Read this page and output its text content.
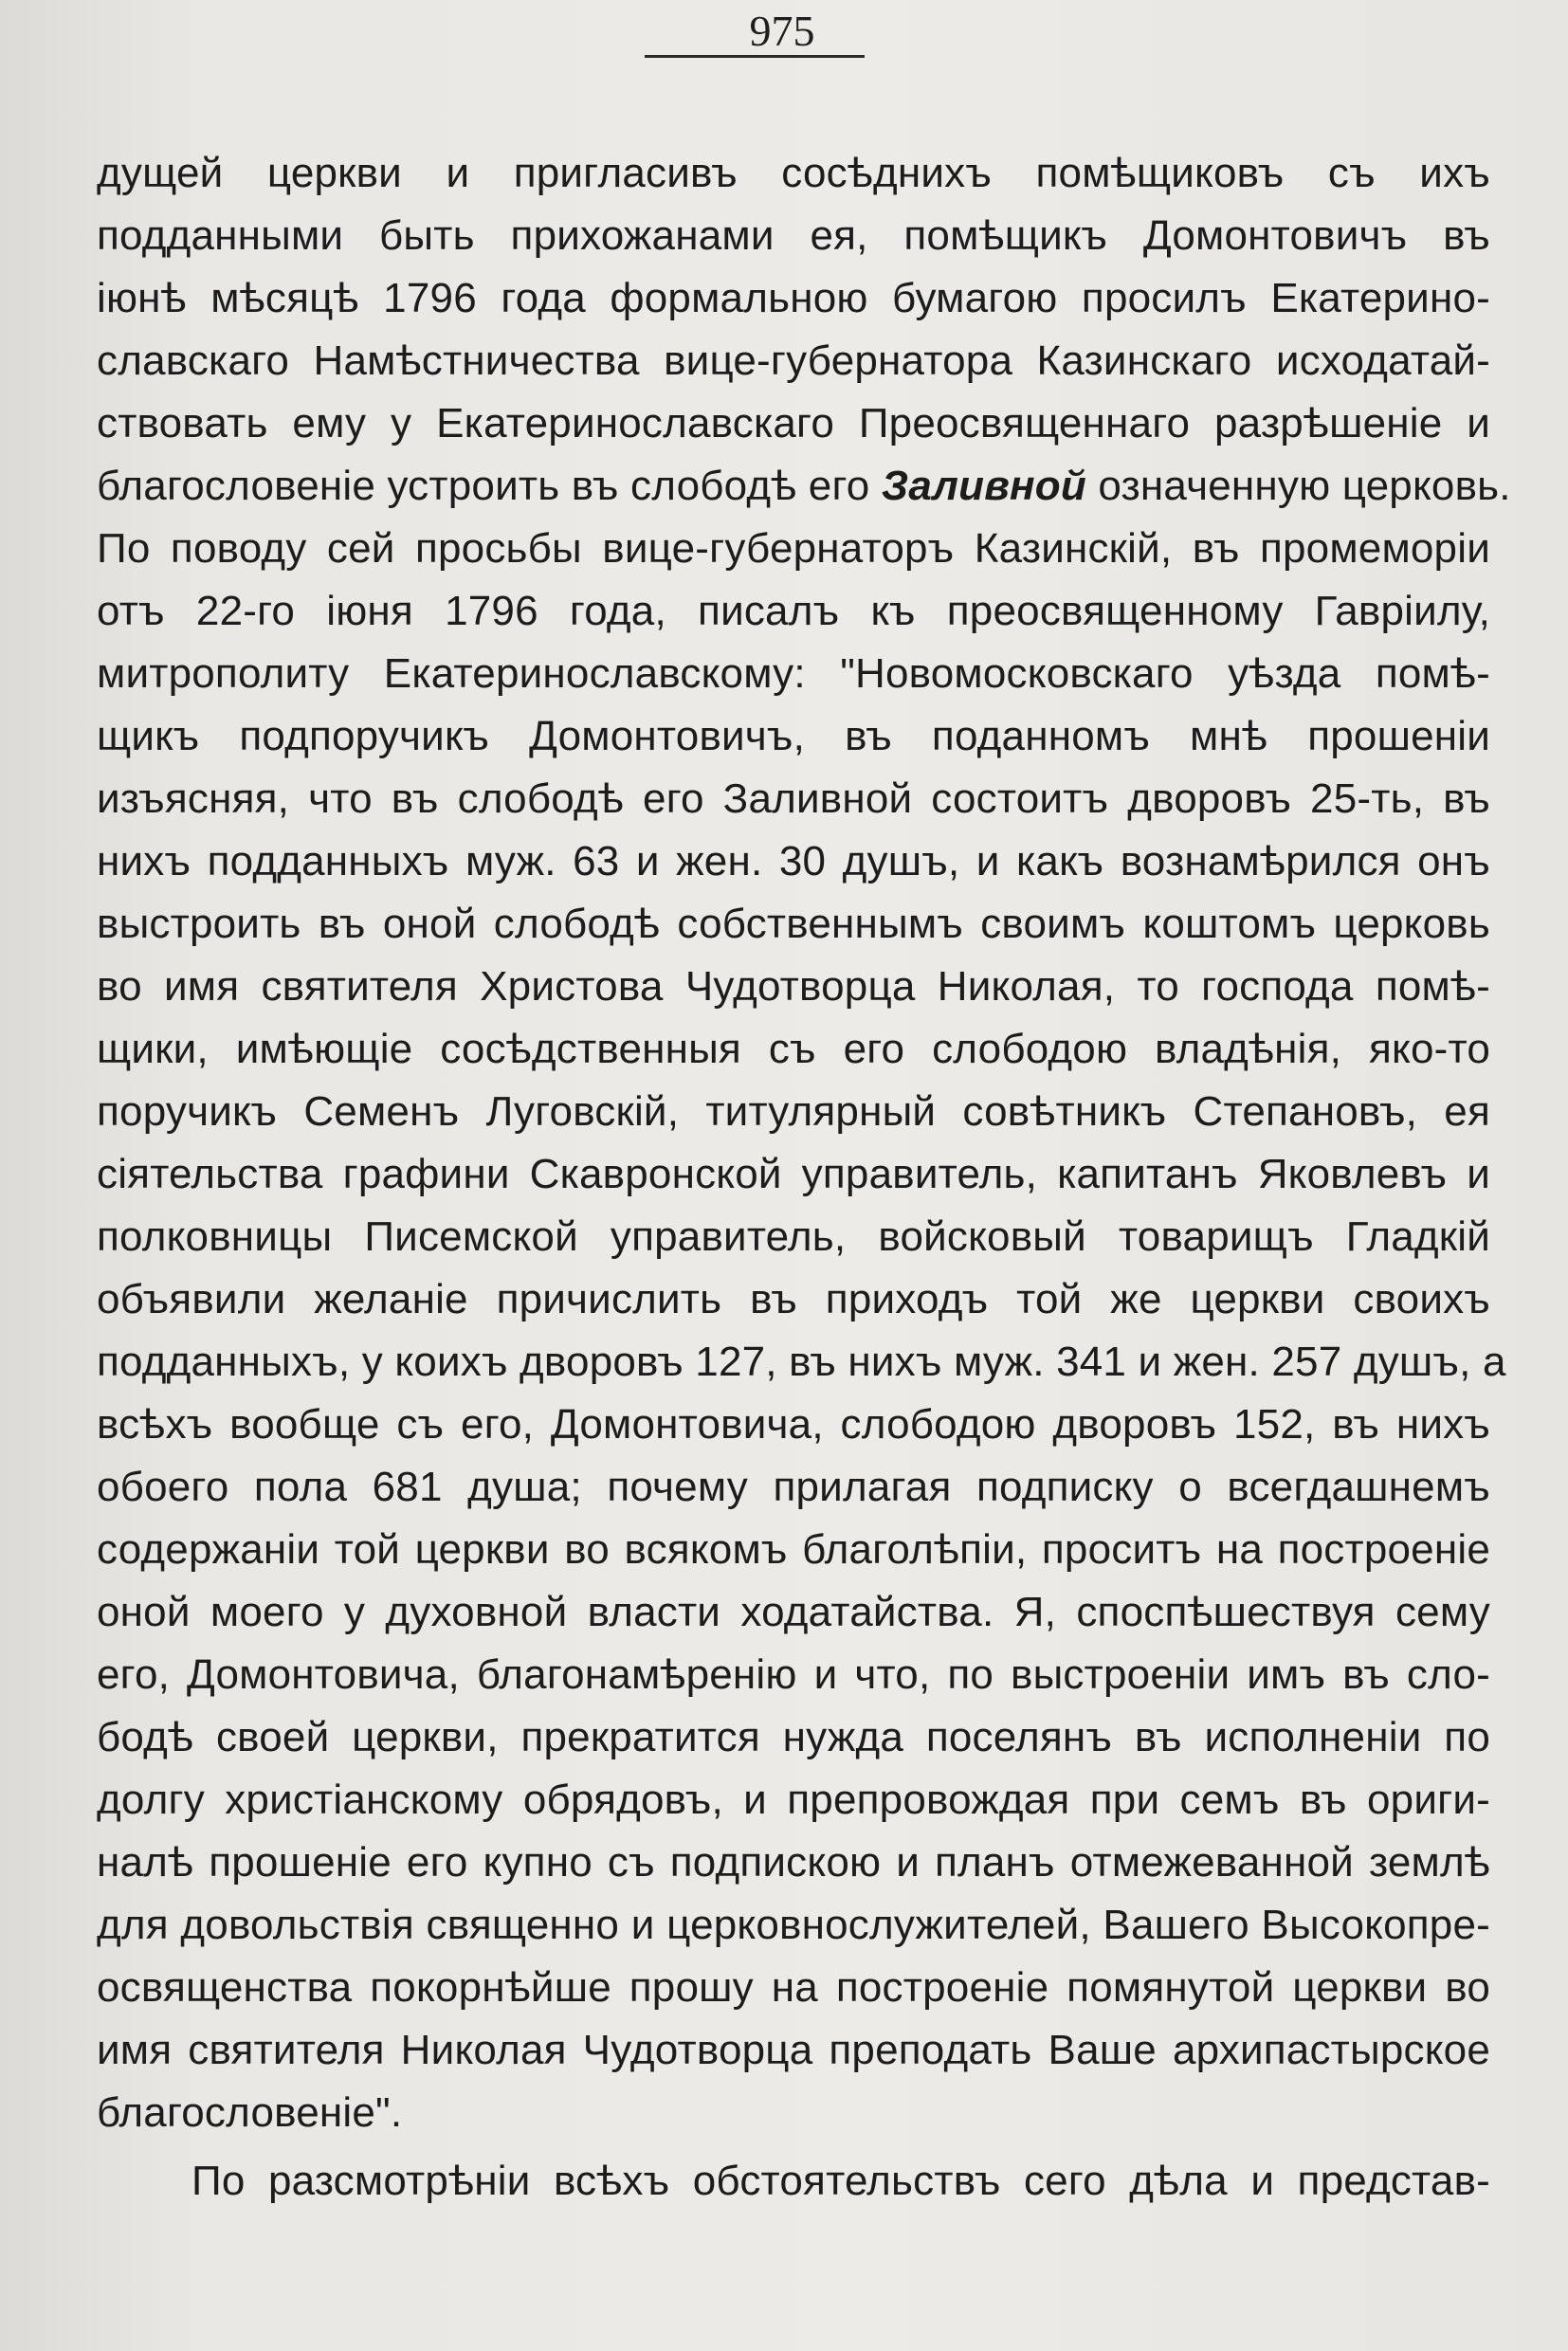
975
дущей церкви и пригласивъ сосѣднихъ помѣщиковъ съ ихъ
подданными быть прихожанами ея, помѣщикъ Домонтовичъ въ
іюнѣ мѣсяцѣ 1796 года формальною бумагою просилъ Екатерино-
славскаго Намѣстничества вице-губернатора Казинскаго исходатай-
ствовать ему у Екатеринославскаго Преосвященнаго разрѣшеніе и
благословеніе устроить въ слободѣ его Заливной означенную церковь.
По поводу сей просьбы вице-губернаторъ Казинскій, въ промеморіи
отъ 22-го іюня 1796 года, писалъ къ преосвященному Гавріилу,
митрополиту Екатеринославскому: "Новомосковскаго уѣзда помѣ-
щикъ подпоручикъ Домонтовичъ, въ поданномъ мнѣ прошеніи
изъясняя, что въ слободѣ его Заливной состоитъ дворовъ 25-ть, въ
нихъ подданныхъ муж. 63 и жен. 30 душъ, и какъ вознамѣрился онъ
выстроить въ оной слободѣ собственнымъ своимъ коштомъ церковь
во имя святителя Христова Чудотворца Николая, то господа помѣ-
щики, имѣющіе сосѣдственныя съ его слободою владѣнія, яко-то
поручикъ Семенъ Луговскій, титулярный совѣтникъ Степановъ, ея
сіятельства графини Скавронской управитель, капитанъ Яковлевъ и
полковницы Писемской управитель, войсковый товарищъ Гладкій
объявили желаніе причислить въ приходъ той же церкви своихъ
подданныхъ, у коихъ дворовъ 127, въ нихъ муж. 341 и жен. 257 душъ, а
всѣхъ вообще съ его, Домонтовича, слободою дворовъ 152, въ нихъ
обоего пола 681 душа; почему прилагая подписку о всегдашнемъ
содержаніи той церкви во всякомъ благолѣпіи, проситъ на построеніе
оной моего у духовной власти ходатайства. Я, споспѣшествуя сему
его, Домонтовича, благонамѣренію и что, по выстроеніи имъ въ сло-
бодѣ своей церкви, прекратится нужда поселянъ въ исполненіи по
долгу христіанскому обрядовъ, и препровождая при семъ въ ориги-
налѣ прошеніе его купно съ подпискою и планъ отмежеванной землѣ
для довольствія священно и церковнослужителей, Вашего Высокопре-
освященства покорнѣйше прошу на построеніе помянутой церкви во
имя святителя Николая Чудотворца преподать Ваше архипастырское
благословеніе".
По разсмотрѣніи всѣхъ обстоятельствъ сего дѣла и представ-
